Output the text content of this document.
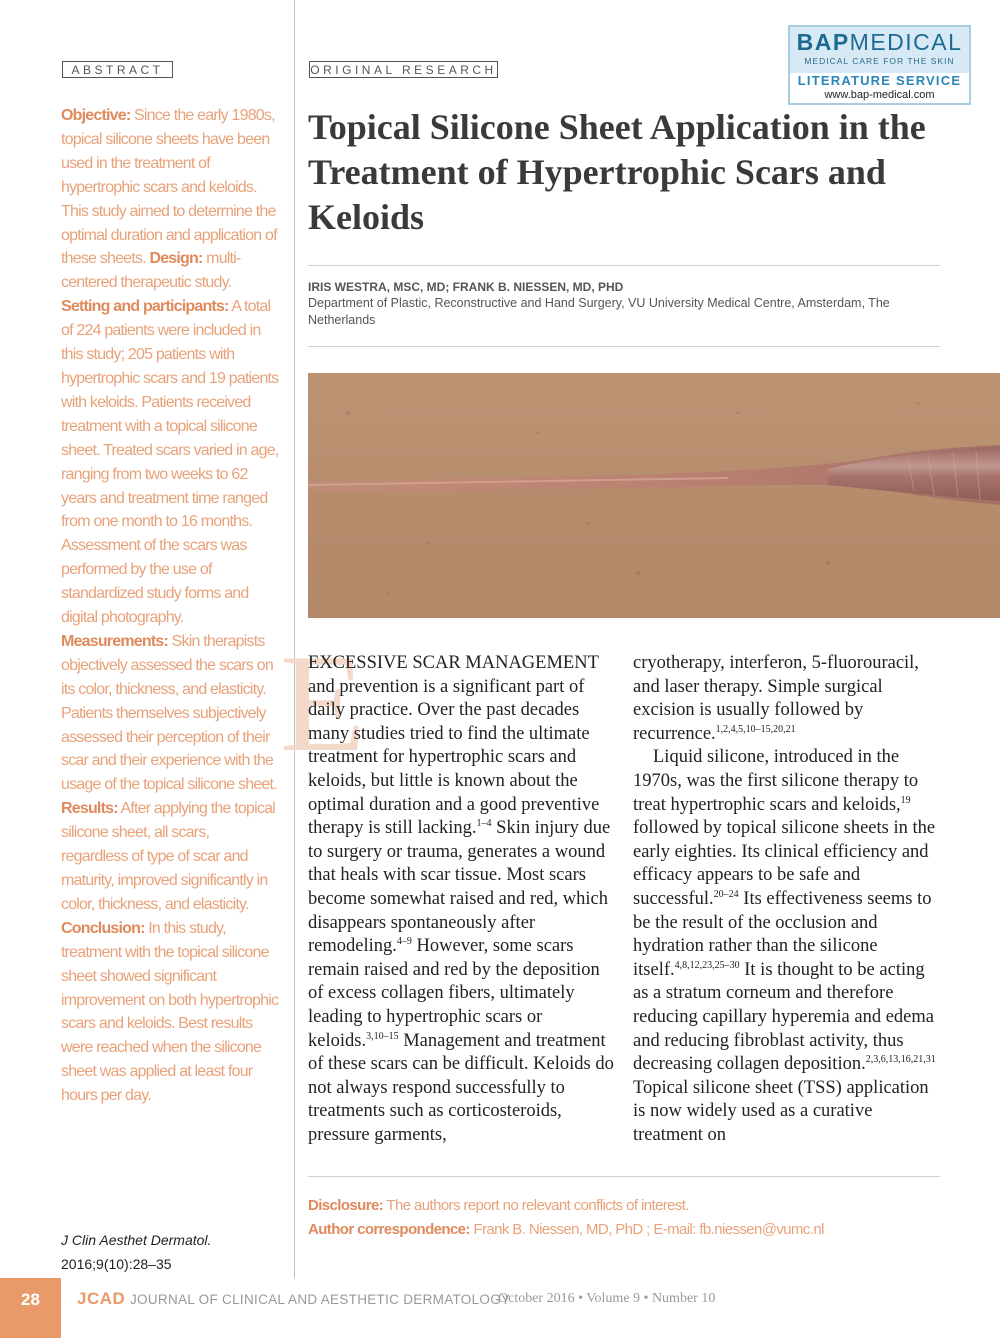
ABSTRACT	ORIGINAL RESEARCH
BAPMEDICAL
MEDICAL CARE FOR THE SKIN
LITERATURE SERVICE
www.bap-medical.com
Objective: Since the early 1980s, topical silicone sheets have been used in the treatment of hypertrophic scars and keloids. This study aimed to determine the optimal duration and application of these sheets. Design: multi-centered therapeutic study. Setting and participants: A total of 224 patients were included in this study; 205 patients with hypertrophic scars and 19 patients with keloids. Patients received treatment with a topical silicone sheet. Treated scars varied in age, ranging from two weeks to 62 years and treatment time ranged from one month to 16 months. Assessment of the scars was performed by the use of standardized study forms and digital photography. Measurements: Skin therapists objectively assessed the scars on its color, thickness, and elasticity. Patients themselves subjectively assessed their perception of their scar and their experience with the usage of the topical silicone sheet. Results: After applying the topical silicone sheet, all scars, regardless of type of scar and maturity, improved significantly in color, thickness, and elasticity. Conclusion: In this study, treatment with the topical silicone sheet showed significant improvement on both hypertrophic scars and keloids. Best results were reached when the silicone sheet was applied at least four hours per day.
J Clin Aesthet Dermatol.
2016;9(10):28–35
Topical Silicone Sheet Application in the Treatment of Hypertrophic Scars and Keloids
IRIS WESTRA, MSC, MD; FRANK B. NIESSEN, MD, PHD
Department of Plastic, Reconstructive and Hand Surgery, VU University Medical Centre, Amsterdam, The Netherlands
E

EXCESSIVE SCAR MANAGEMENT and prevention is a significant part of daily practice. Over the past decades many studies tried to find the ultimate treatment for hypertrophic scars and keloids, but little is known about the optimal duration and a good preventive therapy is still lacking.$^{1-4}$ Skin injury due to surgery or trauma, generates a wound that heals with scar tissue. Most scars become somewhat raised and red, which disappears spontaneously after remodeling.$^{4-9}$ However, some scars remain raised and red by the deposition of excess collagen fibers, ultimately leading to hypertrophic scars or keloids.$^{3,10-15}$ Management and treatment of these scars can be difficult. Keloids do not always respond successfully to treatments such as corticosteroids, pressure garments,

cryotherapy, interferon, 5-fluorouracil, and laser therapy. Simple surgical excision is usually followed by recurrence.$^{1,2,4,5,10-15,20,21}$

Liquid silicone, introduced in the 1970s, was the first silicone therapy to treat hypertrophic scars and keloids,$^{19}$ followed by topical silicone sheets in the early eighties. Its clinical efficiency and efficacy appears to be safe and successful.$^{20-24}$ Its effectiveness seems to be the result of the occlusion and hydration rather than the silicone itself.$^{4,8,12,23,25-30}$ It is thought to be acting as a stratum corneum and therefore reducing capillary hyperemia and edema and reducing fibroblast activity, thus decreasing collagen deposition.$^{2,3,6,13,16,21,31}$ Topical silicone sheet (TSS) application is now widely used as a curative treatment on

Disclosure: The authors report no relevant conflicts of interest.
Author correspondence: Frank B. Niessen, MD, PhD ; E-mail: fb.niessen@vumc.nl
28	JCAD JOURNAL OF CLINICAL AND AESTHETIC DERMATOLOGY
October 2016 • Volume 9 • Number 10
